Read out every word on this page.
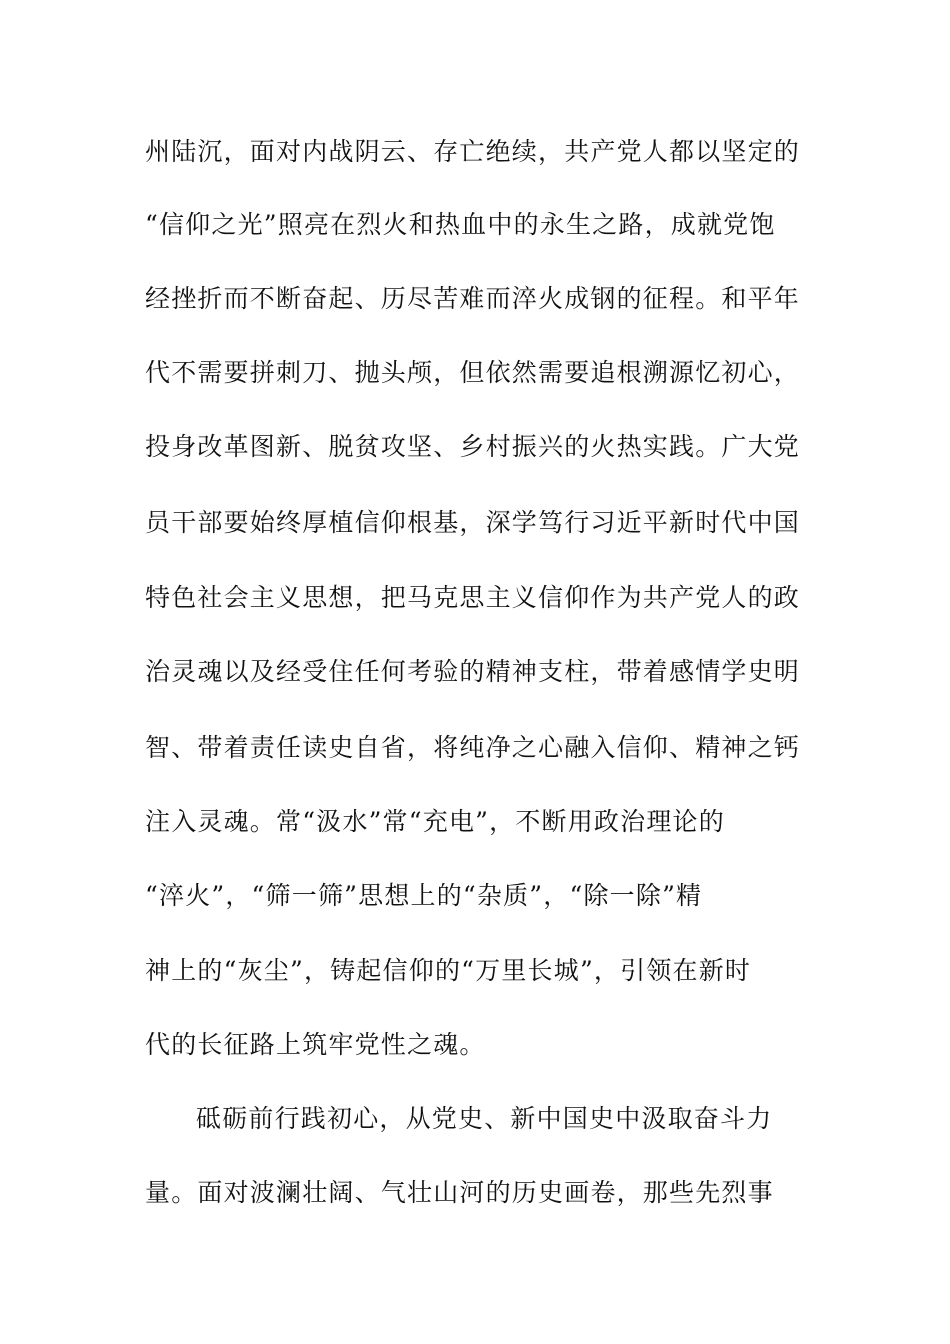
州陆沉，面对内战阴云、存亡绝续，共产党人都以坚定的
“信仰之光”照亮在烈火和热血中的永生之路，成就党饱
经挫折而不断奋起、历尽苦难而淬火成钢的征程。和平年
代不需要拼刺刀、抛头颅，但依然需要追根溯源忆初心，
投身改革图新、脱贫攻坚、乡村振兴的火热实践。广大党
员干部要始终厚植信仰根基，深学笃行习近平新时代中国
特色社会主义思想，把马克思主义信仰作为共产党人的政
治灵魂以及经受住任何考验的精神支柱，带着感情学史明
智、带着责任读史自省，将纯净之心融入信仰、精神之钙
注入灵魂。常“汲水”常“充电”，不断用政治理论的
“淬火”，“筛一筛”思想上的“杂质”，“除一除”精
神上的“灰尘”，铸起信仰的“万里长城”，引领在新时
代的长征路上筑牢党性之魂。
砥砺前行践初心，从党史、新中国史中汲取奋斗力
量。面对波澜壮阔、气壮山河的历史画卷，那些先烈事
